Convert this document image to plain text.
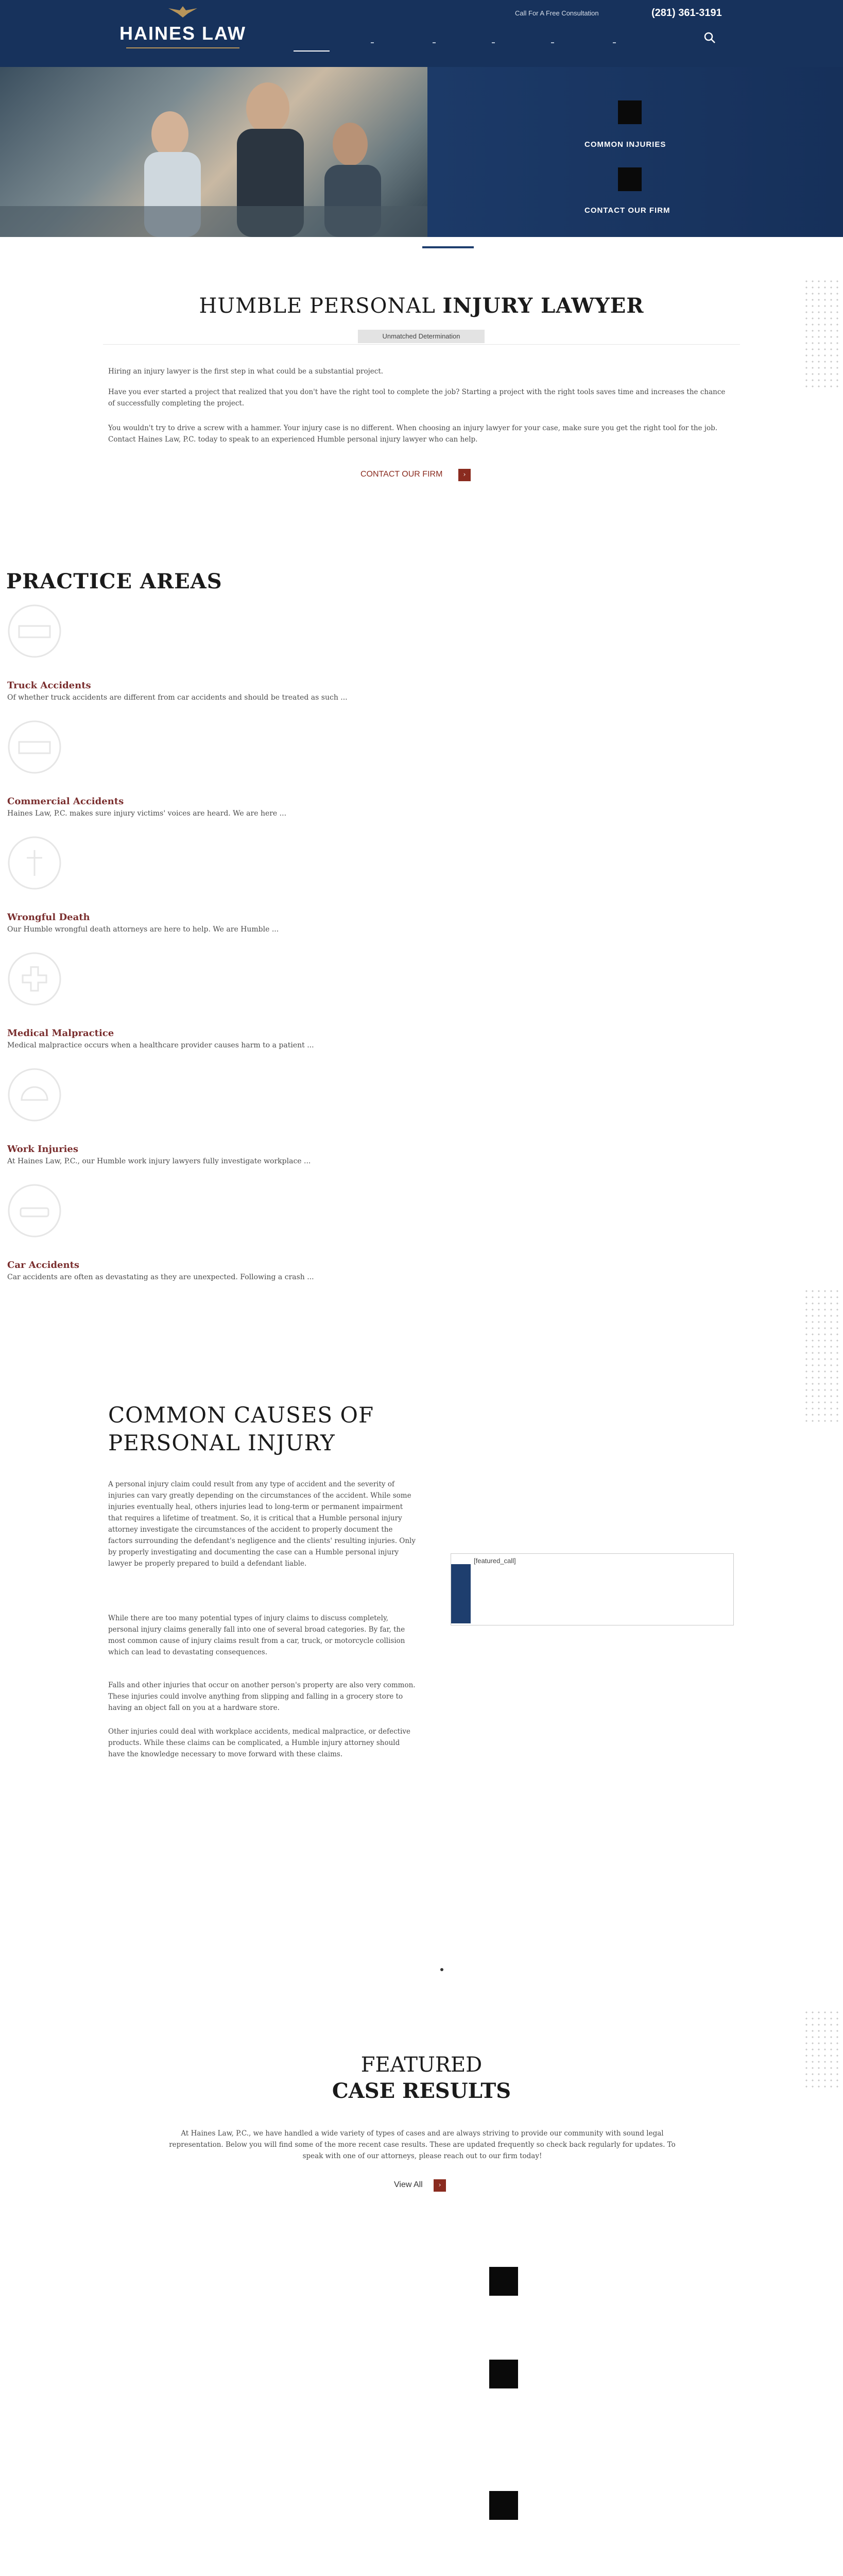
HAINES LAW
Call For A Free Consultation	(281) 361-3191
COMMON INJURIES
CONTACT OUR FIRM
HUMBLE PERSONAL INJURY LAWYER
Unmatched Determination
Hiring an injury lawyer is the first step in what could be a substantial project.
Have you ever started a project that realized that you don't have the right tool to complete the job? Starting a project with the right tools saves time and increases the chance of successfully completing the project.
You wouldn't try to drive a screw with a hammer. Your injury case is no different. When choosing an injury lawyer for your case, make sure you get the right tool for the job. Contact Haines Law, P.C. today to speak to an experienced Humble personal injury lawyer who can help.
CONTACT OUR FIRM	›
PRACTICE AREAS
Truck Accidents
Of whether truck accidents are different from car accidents and should be treated as such ...
Commercial Accidents
Haines Law, P.C. makes sure injury victims' voices are heard. We are here ...
Wrongful Death
Our Humble wrongful death attorneys are here to help. We are Humble ...
Medical Malpractice
Medical malpractice occurs when a healthcare provider causes harm to a patient ...
Work Injuries
At Haines Law, P.C., our Humble work injury lawyers fully investigate workplace ...
Car Accidents
Car accidents are often as devastating as they are unexpected. Following a crash ...
COMMON CAUSES OF
PERSONAL INJURY
A personal injury claim could result from any type of accident and the severity of injuries can vary greatly depending on the circumstances of the accident. While some injuries eventually heal, others injuries lead to long-term or permanent impairment that requires a lifetime of treatment. So, it is critical that a Humble personal injury attorney investigate the circumstances of the accident to properly document the factors surrounding the defendant's negligence and the clients' resulting injuries. Only by properly investigating and documenting the case can a Humble personal injury lawyer be properly prepared to build a defendant liable.
While there are too many potential types of injury claims to discuss completely, personal injury claims generally fall into one of several broad categories. By far, the most common cause of injury claims result from a car, truck, or motorcycle collision which can lead to devastating consequences.
Falls and other injuries that occur on another person's property are also very common. These injuries could involve anything from slipping and falling in a grocery store to having an object fall on you at a hardware store.
Other injuries could deal with workplace accidents, medical malpractice, or defective products. While these claims can be complicated, a Humble injury attorney should have the knowledge necessary to move forward with these claims.
[featured_call]
FEATURED
CASE RESULTS
At Haines Law, P.C., we have handled a wide variety of types of cases and are always striving to provide our community with sound legal representation. Below you will find some of the more recent case results. These are updated frequently so check back regularly for updates. To speak with one of our attorneys, please reach out to our firm today!
View All	›
